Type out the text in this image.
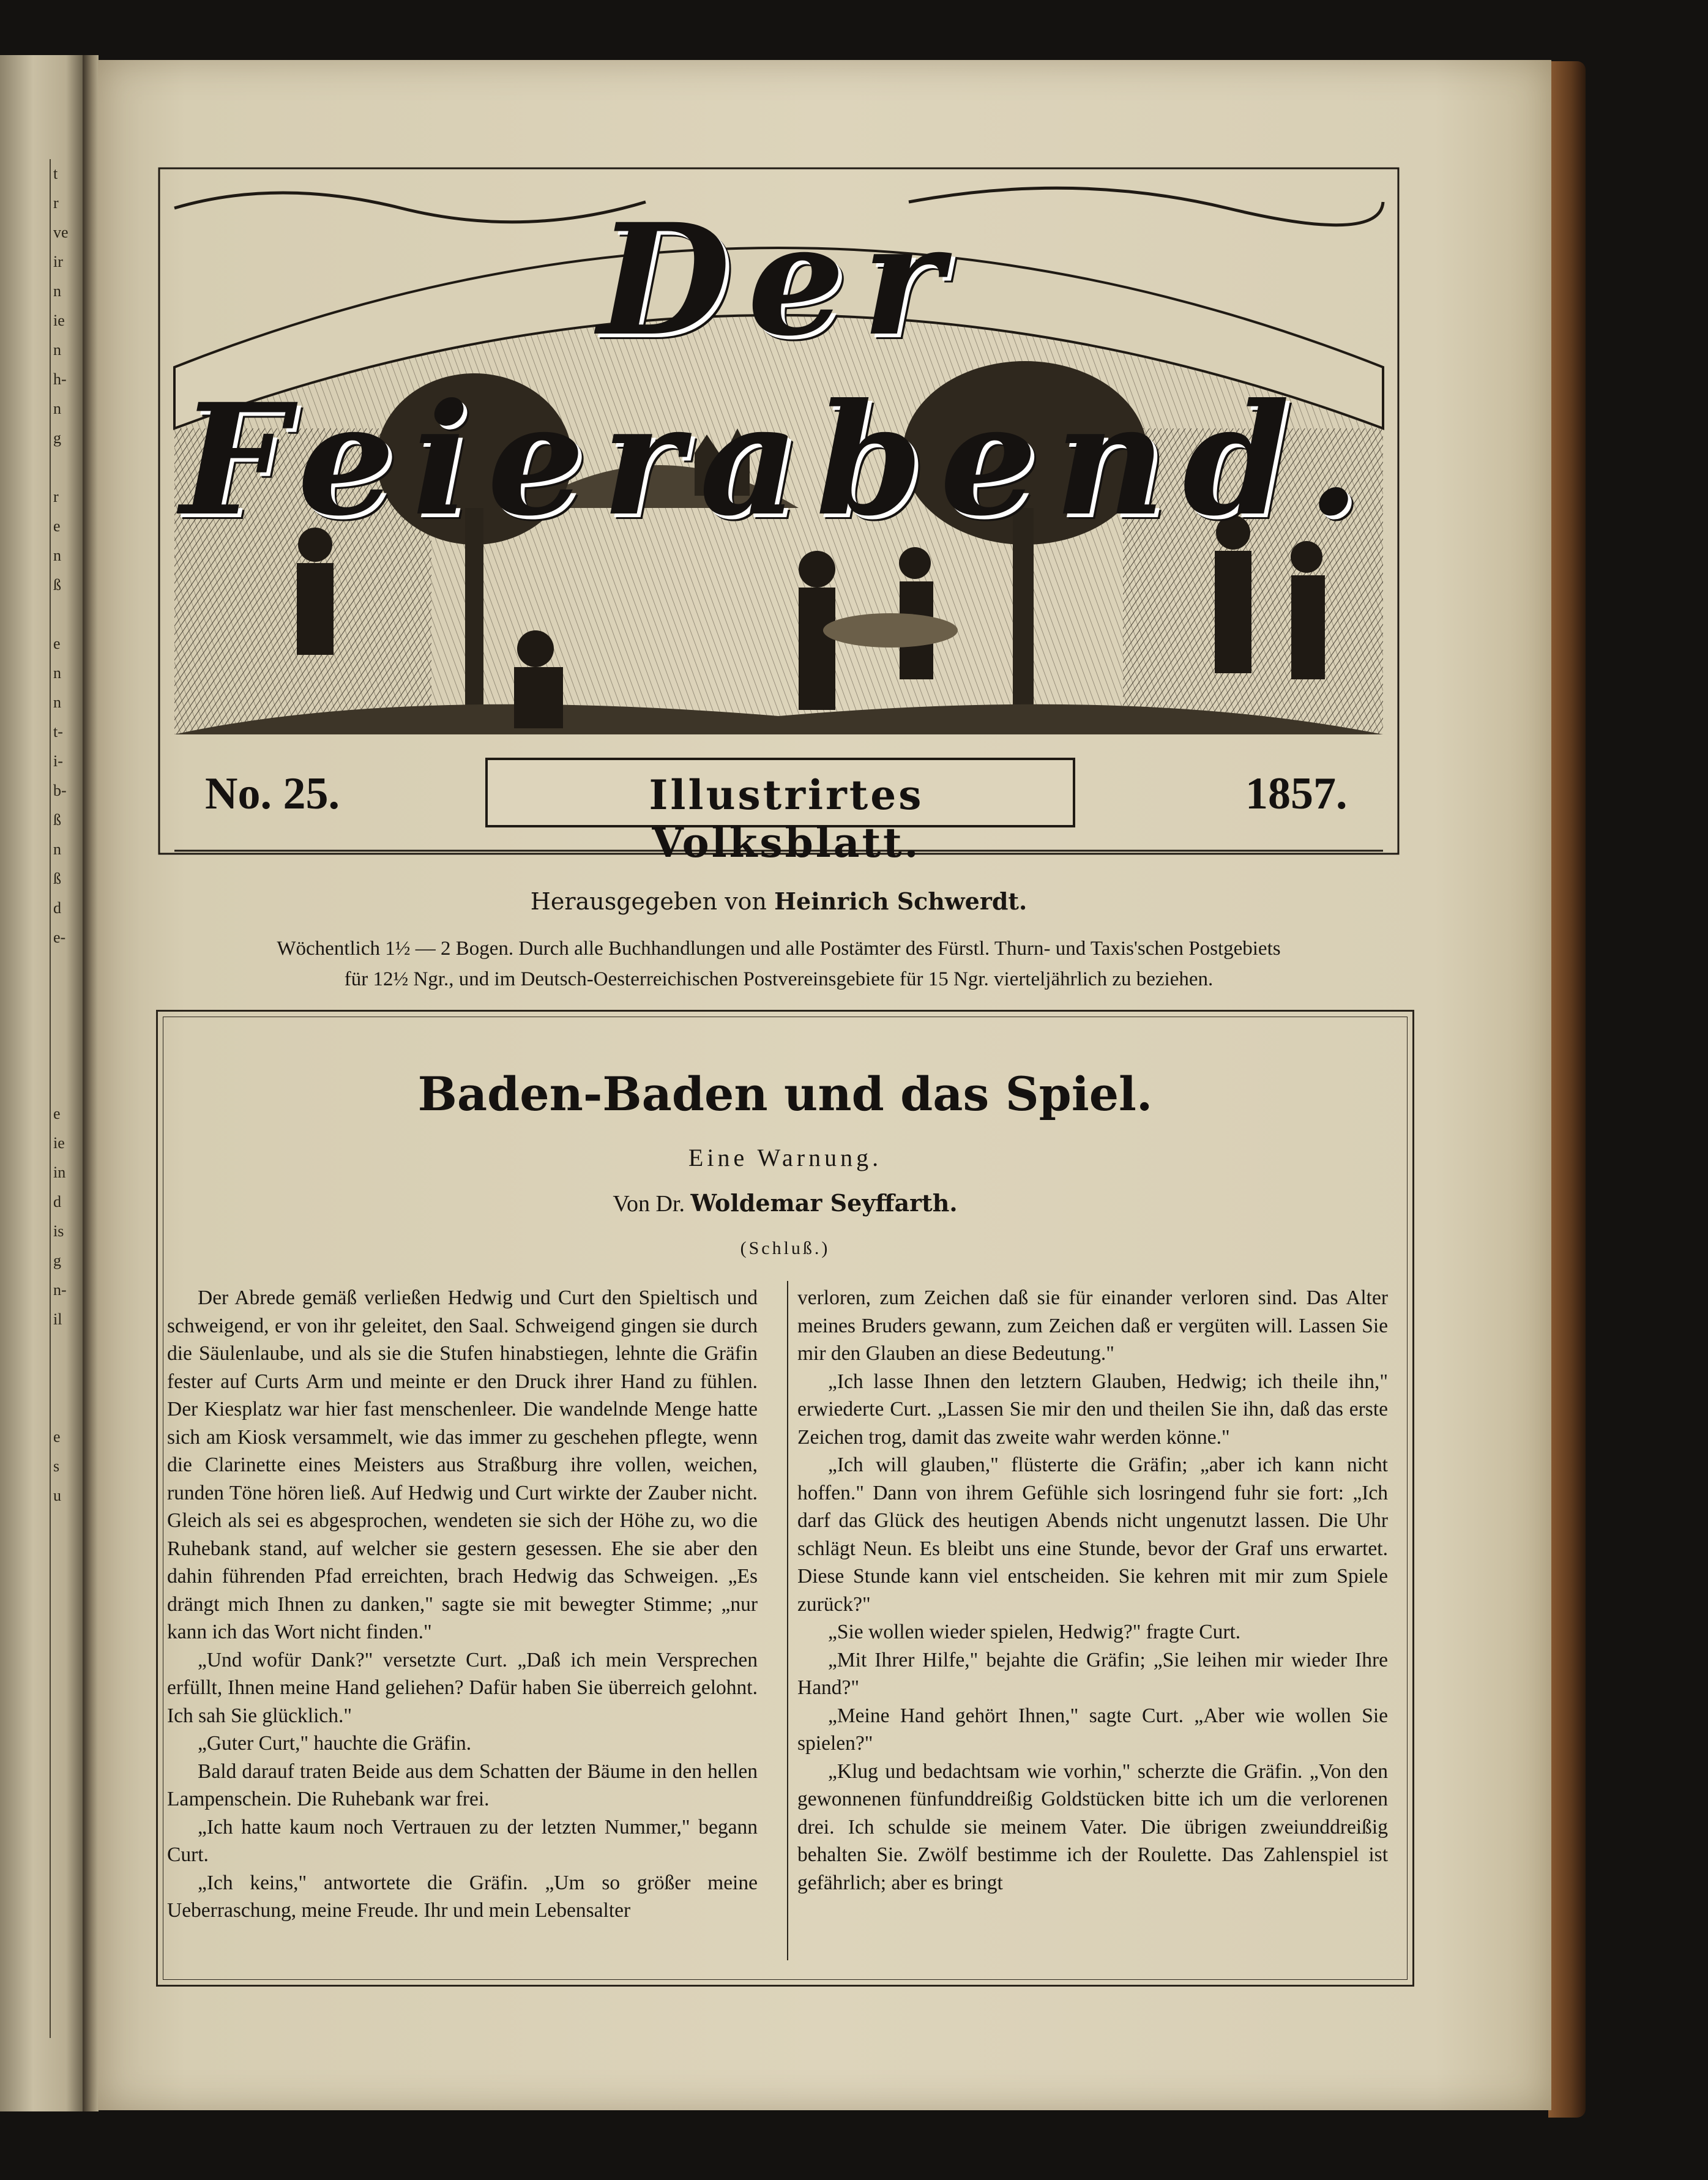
t
r
ve
ir
n
ie
n
h-
n
g

r
e
n
ß

e
n
n
t-
i-
b-
ß
n
ß
d
e-

e
ie
in
d
is
g
n-
il

e
s
u
Der Feierabend.
No. 25.	Illustrirtes Volksblatt.
1857.
Herausgegeben von Heinrich Schwerdt.
Wöchentlich 1½ — 2 Bogen. Durch alle Buchhandlungen und alle Postämter des Fürstl. Thurn- und Taxis'schen Postgebiets
für 12½ Ngr., und im Deutsch-Oesterreichischen Postvereinsgebiete für 15 Ngr. vierteljährlich zu beziehen.
Baden-Baden und das Spiel.
Eine Warnung.
Von Dr. Woldemar Seyffarth.
(Schluß.)

Der Abrede gemäß verließen Hedwig und Curt den Spieltisch und schweigend, er von ihr geleitet, den Saal. Schweigend gingen sie durch die Säulenlaube, und als sie die Stufen hinabstiegen, lehnte die Gräfin fester auf Curts Arm und meinte er den Druck ihrer Hand zu fühlen. Der Kiesplatz war hier fast menschenleer. Die wandelnde Menge hatte sich am Kiosk versammelt, wie das immer zu geschehen pflegte, wenn die Clarinette eines Meisters aus Straßburg ihre vollen, weichen, runden Töne hören ließ. Auf Hedwig und Curt wirkte der Zauber nicht. Gleich als sei es abgesprochen, wendeten sie sich der Höhe zu, wo die Ruhebank stand, auf welcher sie gestern gesessen. Ehe sie aber den dahin führenden Pfad erreichten, brach Hedwig das Schweigen. „Es drängt mich Ihnen zu danken," sagte sie mit bewegter Stimme; „nur kann ich das Wort nicht finden."

„Und wofür Dank?" versetzte Curt. „Daß ich mein Versprechen erfüllt, Ihnen meine Hand geliehen? Dafür haben Sie überreich gelohnt. Ich sah Sie glücklich."

„Guter Curt," hauchte die Gräfin.

Bald darauf traten Beide aus dem Schatten der Bäume in den hellen Lampenschein. Die Ruhebank war frei.

„Ich hatte kaum noch Vertrauen zu der letzten Nummer," begann Curt.

„Ich keins," antwortete die Gräfin. „Um so größer meine Ueberraschung, meine Freude. Ihr und mein Lebensalter

verloren, zum Zeichen daß sie für einander verloren sind. Das Alter meines Bruders gewann, zum Zeichen daß er vergüten will. Lassen Sie mir den Glauben an diese Bedeutung."

„Ich lasse Ihnen den letztern Glauben, Hedwig; ich theile ihn," erwiederte Curt. „Lassen Sie mir den und theilen Sie ihn, daß das erste Zeichen trog, damit das zweite wahr werden könne."

„Ich will glauben," flüsterte die Gräfin; „aber ich kann nicht hoffen." Dann von ihrem Gefühle sich losringend fuhr sie fort: „Ich darf das Glück des heutigen Abends nicht ungenutzt lassen. Die Uhr schlägt Neun. Es bleibt uns eine Stunde, bevor der Graf uns erwartet. Diese Stunde kann viel entscheiden. Sie kehren mit mir zum Spiele zurück?"

„Sie wollen wieder spielen, Hedwig?" fragte Curt.

„Mit Ihrer Hilfe," bejahte die Gräfin; „Sie leihen mir wieder Ihre Hand?"

„Meine Hand gehört Ihnen," sagte Curt. „Aber wie wollen Sie spielen?"

„Klug und bedachtsam wie vorhin," scherzte die Gräfin. „Von den gewonnenen fünfunddreißig Goldstücken bitte ich um die verlorenen drei. Ich schulde sie meinem Vater. Die übrigen zweiunddreißig behalten Sie. Zwölf bestimme ich der Roulette. Das Zahlenspiel ist gefährlich; aber es bringt
